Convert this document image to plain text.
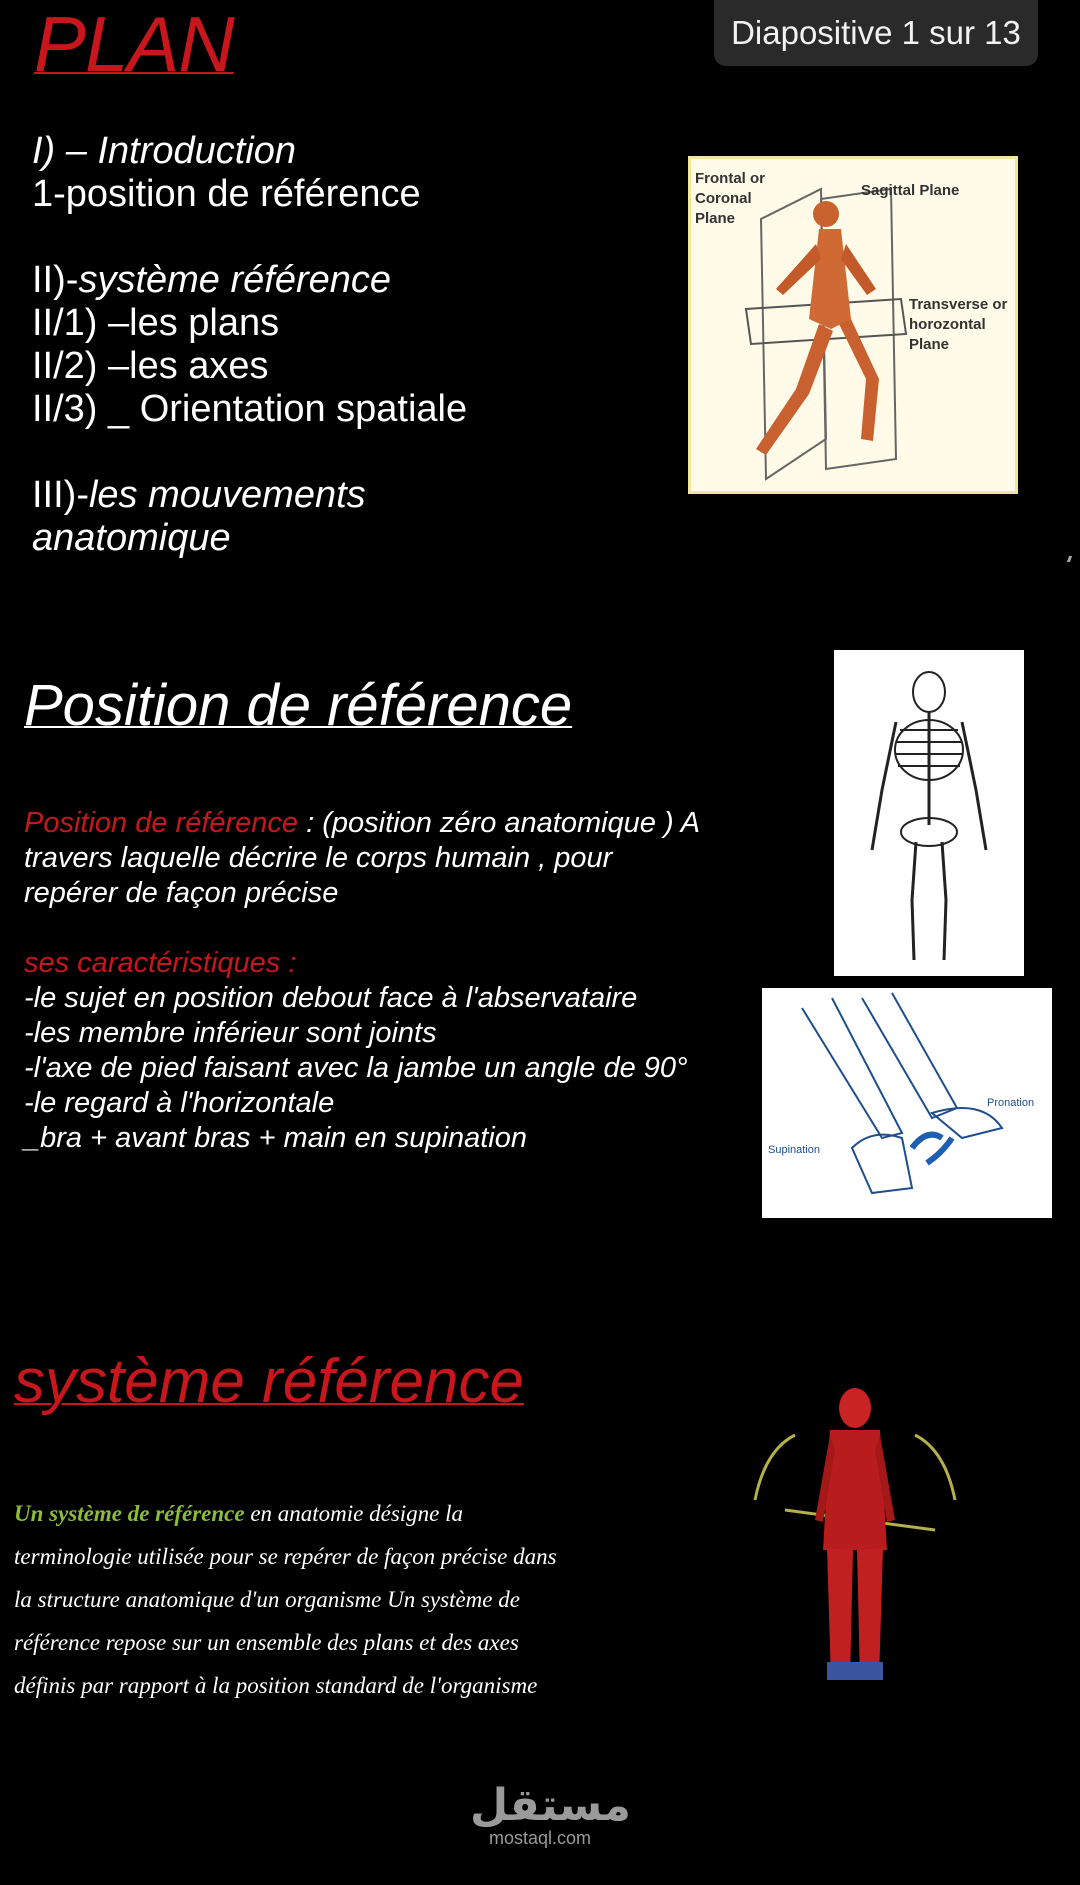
PLAN	Diapositive 1 sur 13
I) – Introduction
1-position de référence
II)-système référence
II/1) –les plans
II/2) –les axes
II/3) _ Orientation spatiale
III)-les mouvements
anatomique
Frontal or
Coronal
Plane
Sagittal Plane
Transverse or
horozontal
Plane
Position de référence
Position de référence : (position zéro anatomique ) A
travers laquelle décrire le corps humain , pour
repérer de façon précise
ses caractéristiques :
-le sujet en position debout face à l'abservataire
-les membre inférieur sont joints
-l'axe de pied faisant avec la jambe un angle de 90°
-le regard à l'horizontale
_bra + avant bras + main en supination
Pronation
Supination
système référence
Un système de référence en anatomie désigne la
terminologie utilisée pour se repérer de façon précise dans
la structure anatomique d'un organisme Un système de
référence repose sur un ensemble des plans et des axes
définis par rapport à la position standard de l'organisme
مستقل
mostaql.com
